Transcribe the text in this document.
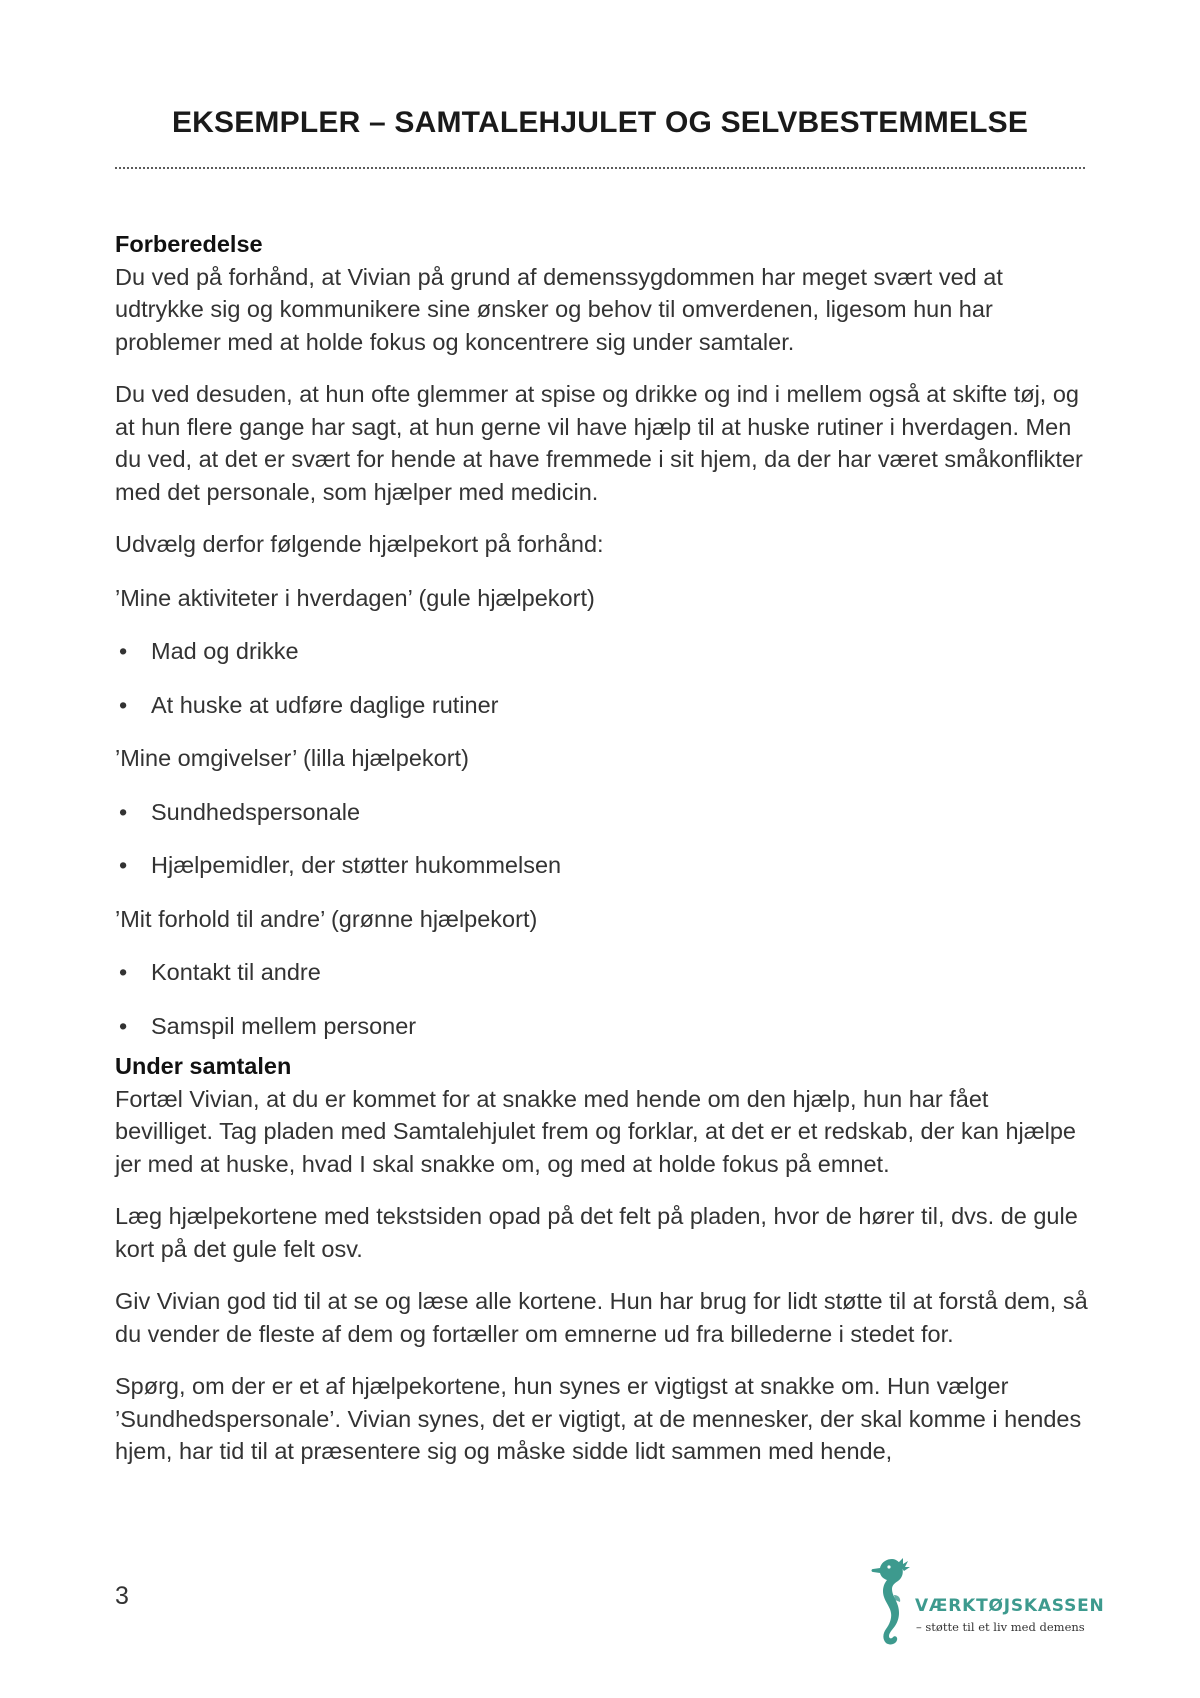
EKSEMPLER – SAMTALEHJULET OG SELVBESTEMMELSE
Forberedelse

Du ved på forhånd, at Vivian på grund af demenssygdommen har meget svært ved at udtrykke sig og kommunikere sine ønsker og behov til omverdenen, ligesom hun har problemer med at holde fokus og koncentrere sig under samtaler.

Du ved desuden, at hun ofte glemmer at spise og drikke og ind i mellem også at skifte tøj, og at hun flere gange har sagt, at hun gerne vil have hjælp til at huske rutiner i hverdagen. Men du ved, at det er svært for hende at have fremmede i sit hjem, da der har været småkonflikter med det personale, som hjælper med medicin.

Udvælg derfor følgende hjælpekort på forhånd:

’Mine aktiviteter i hverdagen’ (gule hjælpekort)

• Mad og drikke
• At huske at udføre daglige rutiner

’Mine omgivelser’ (lilla hjælpekort)

• Sundhedspersonale
• Hjælpemidler, der støtter hukommelsen

’Mit forhold til andre’ (grønne hjælpekort)

• Kontakt til andre
• Samspil mellem personer
Under samtalen

Fortæl Vivian, at du er kommet for at snakke med hende om den hjælp, hun har fået bevilliget. Tag pladen med Samtalehjulet frem og forklar, at det er et redskab, der kan hjælpe jer med at huske, hvad I skal snakke om, og med at holde fokus på emnet.

Læg hjælpekortene med tekstsiden opad på det felt på pladen, hvor de hører til, dvs. de gule kort på det gule felt osv.

Giv Vivian god tid til at se og læse alle kortene. Hun har brug for lidt støtte til at forstå dem, så du vender de fleste af dem og fortæller om emnerne ud fra billederne i stedet for.

Spørg, om der er et af hjælpekortene, hun synes er vigtigst at snakke om. Hun vælger ’Sundhedspersonale’. Vivian synes, det er vigtigt, at de mennesker, der skal komme i hendes hjem, har tid til at præsentere sig og måske sidde lidt sammen med hende,

3	VÆRKTØJSKASSEN
– støtte til et liv med demens
